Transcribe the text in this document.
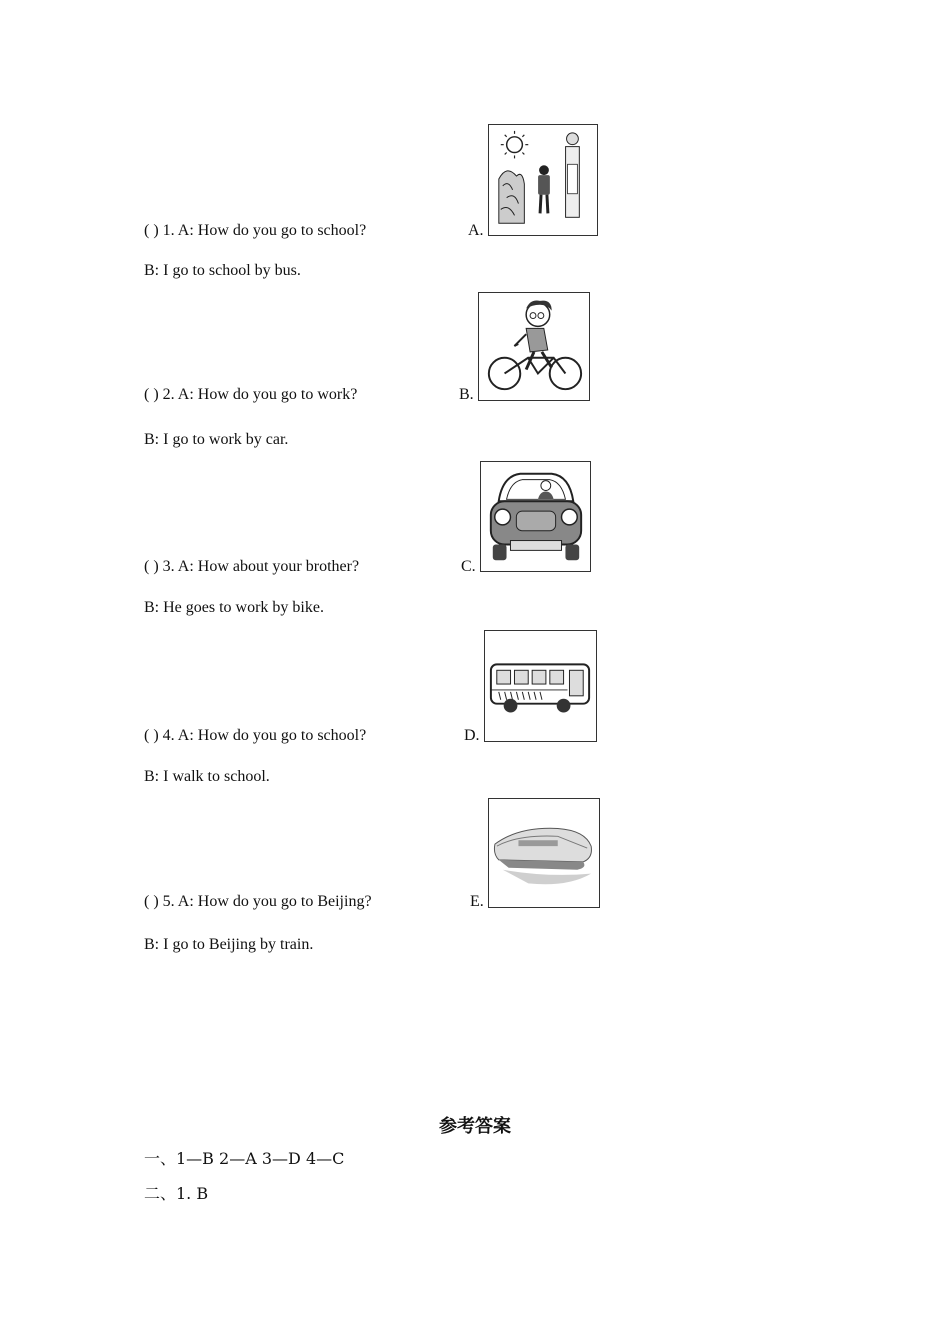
( ) 1. A: How do you go to school?
B: I go to school by bus.
( ) 2. A: How do you go to work?
B: I go to work by car.
( ) 3. A: How about your brother?
B: He goes to work by bike.
( ) 4. A: How do you go to school?
B: I walk to school.
( ) 5. A: How do you go to Beijing?
B: I go to Beijing by train.
A.
B.
C.
D.
E.
参考答案
一、1—B 2—A 3—D 4—C
二、1. B
